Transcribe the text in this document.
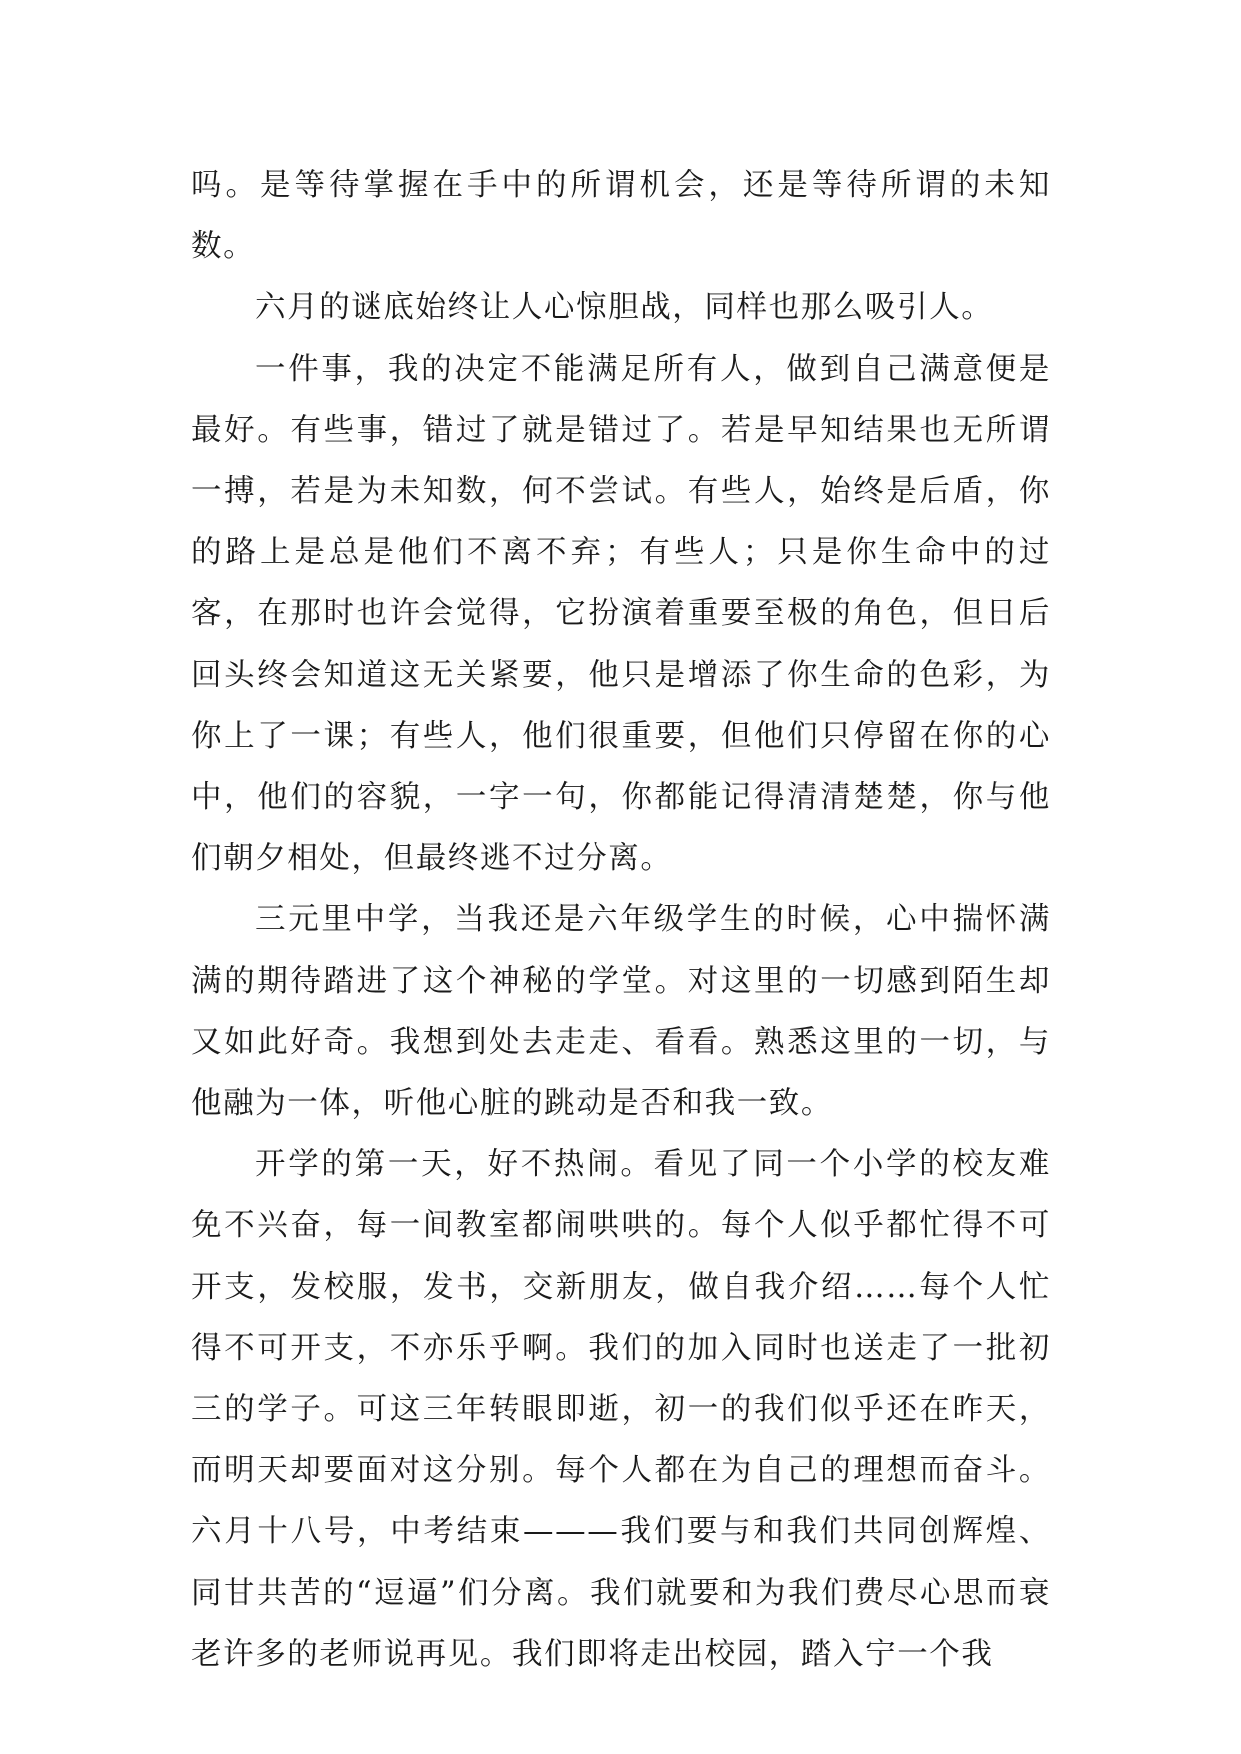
吗。是等待掌握在手中的所谓机会，还是等待所谓的未知数。

六月的谜底始终让人心惊胆战，同样也那么吸引人。

一件事，我的决定不能满足所有人，做到自己满意便是最好。有些事，错过了就是错过了。若是早知结果也无所谓一搏，若是为未知数，何不尝试。有些人，始终是后盾，你的路上是总是他们不离不弃；有些人；只是你生命中的过客，在那时也许会觉得，它扮演着重要至极的角色，但日后回头终会知道这无关紧要，他只是增添了你生命的色彩，为你上了一课；有些人，他们很重要，但他们只停留在你的心中，他们的容貌，一字一句，你都能记得清清楚楚，你与他们朝夕相处，但最终逃不过分离。

三元里中学，当我还是六年级学生的时候，心中揣怀满满的期待踏进了这个神秘的学堂。对这里的一切感到陌生却又如此好奇。我想到处去走走、看看。熟悉这里的一切，与他融为一体，听他心脏的跳动是否和我一致。

开学的第一天，好不热闹。看见了同一个小学的校友难免不兴奋，每一间教室都闹哄哄的。每个人似乎都忙得不可开支，发校服，发书，交新朋友，做自我介绍……每个人忙得不可开支，不亦乐乎啊。我们的加入同时也送走了一批初三的学子。可这三年转眼即逝，初一的我们似乎还在昨天，而明天却要面对这分别。每个人都在为自己的理想而奋斗。六月十八号，中考结束———我们要与和我们共同创辉煌、同甘共苦的“逗逼”们分离。我们就要和为我们费尽心思而衰老许多的老师说再见。我们即将走出校园，踏入宁一个我
